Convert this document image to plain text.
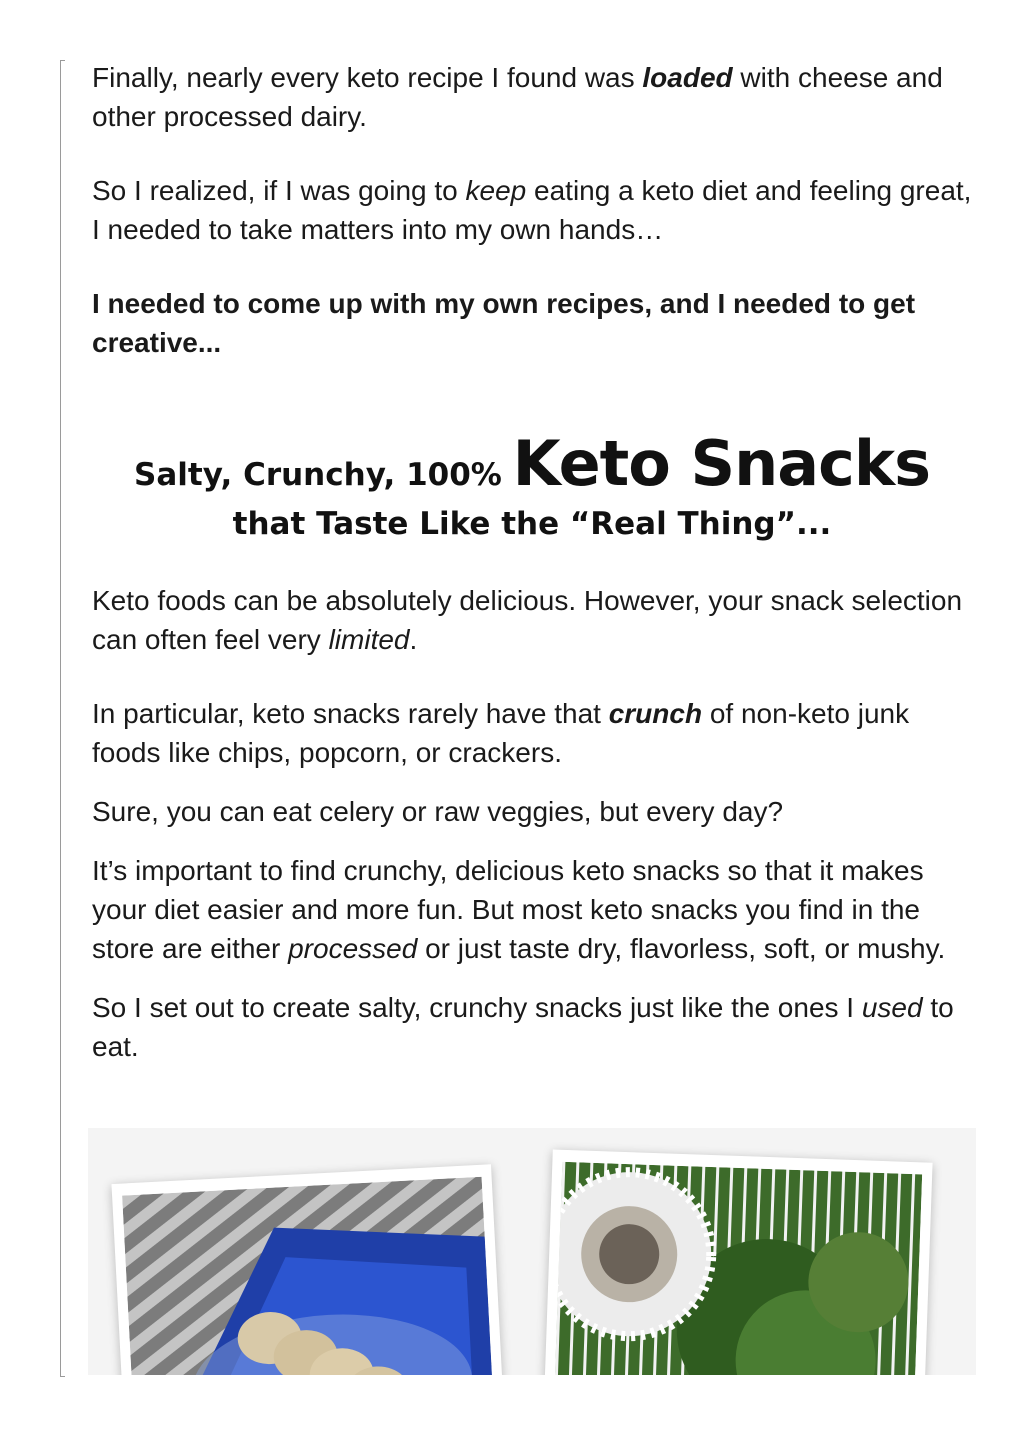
Finally, nearly every keto recipe I found was loaded with cheese and other processed dairy.

So I realized, if I was going to keep eating a keto diet and feeling great, I needed to take matters into my own hands…

I needed to come up with my own recipes, and I needed to get creative...

Salty, Crunchy, 100% Keto Snacks
that Taste Like the “Real Thing”...

Keto foods can be absolutely delicious. However, your snack selection can often feel very limited.

In particular, keto snacks rarely have that crunch of non-keto junk foods like chips, popcorn, or crackers.

Sure, you can eat celery or raw veggies, but every day?

It’s important to find crunchy, delicious keto snacks so that it makes your diet easier and more fun. But most keto snacks you find in the store are either processed or just taste dry, flavorless, soft, or mushy.

So I set out to create salty, crunchy snacks just like the ones I used to eat.
